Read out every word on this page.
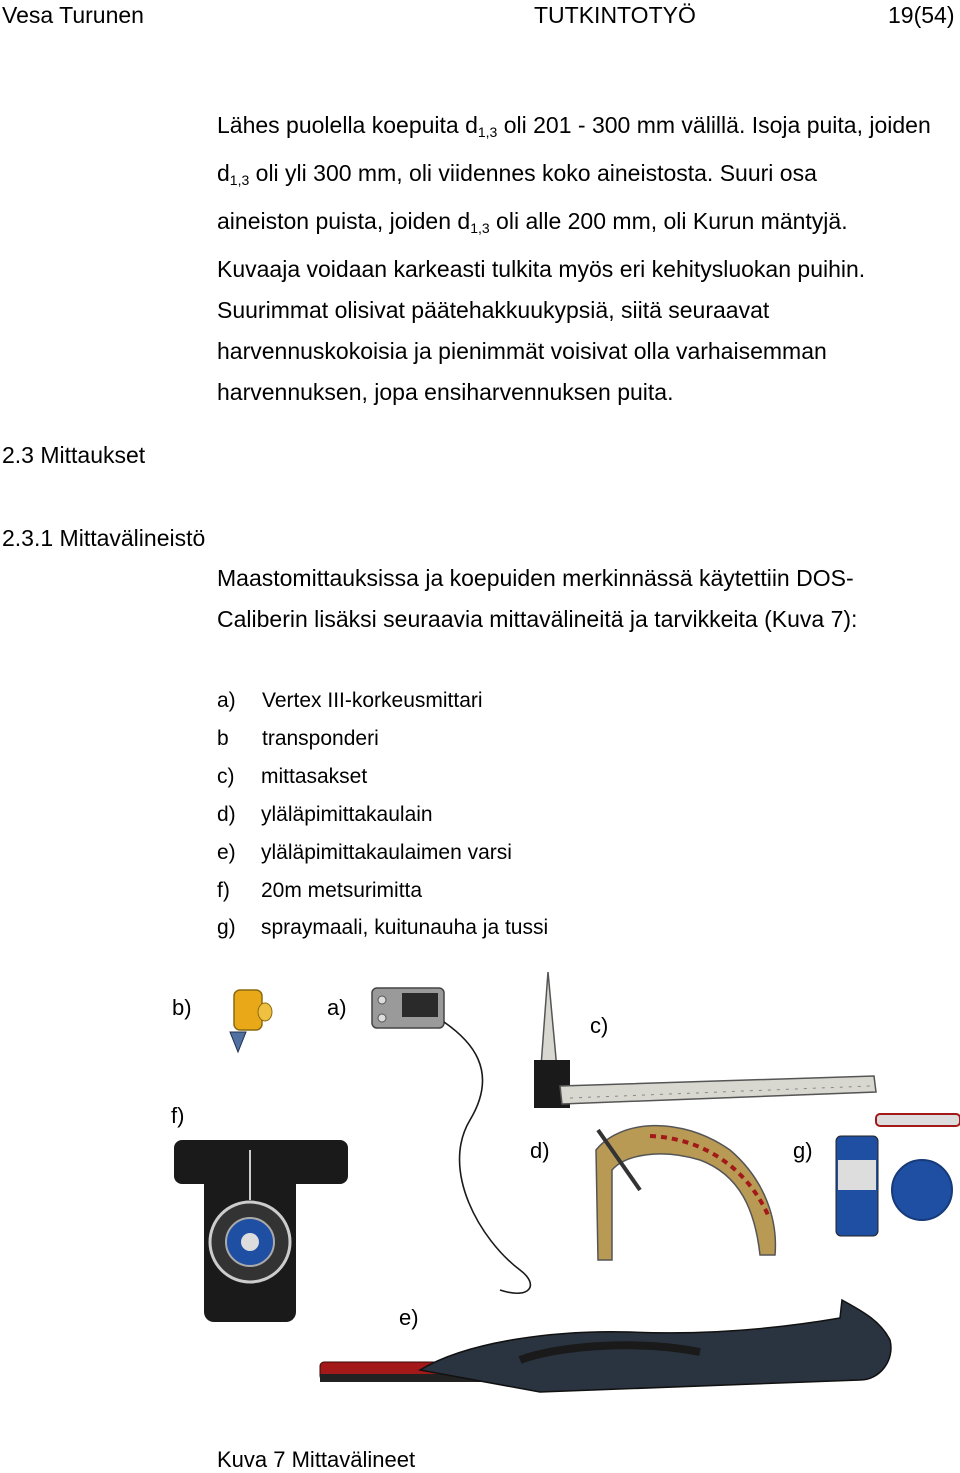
Vesa Turunen	TUTKINTOTYÖ	19(54)
Lähes puolella koepuita $d_{1,3}$ oli 201 - 300 mm välillä. Isoja puita, joiden
$d_{1,3}$ oli yli 300 mm, oli viidennes koko aineistosta. Suuri osa
aineiston puista, joiden $d_{1,3}$ oli alle 200 mm, oli Kurun mäntyjä.
Kuvaaja voidaan karkeasti tulkita myös eri kehitysluokan puihin.
Suurimmat olisivat päätehakkuukypsiä, siitä seuraavat
harvennuskokoisia ja pienimmät voisivat olla varhaisemman
harvennuksen, jopa ensiharvennuksen puita.
2.3 Mittaukset
2.3.1 Mittavälineistö
Maastomittauksissa ja koepuiden merkinnässä käytettiin DOS-
Caliberin lisäksi seuraavia mittavälineitä ja tarvikkeita (Kuva 7):
a) Vertex III-korkeusmittari
b transponderi
c) mittasakset
d) yläläpimittakaulain
e) yläläpimittakaulaimen varsi
f) 20m metsurimitta
g) spraymaali, kuitunauha ja tussi
b)	a)
c)
f)
d)	g)
e)
Kuva 7 Mittavälineet
